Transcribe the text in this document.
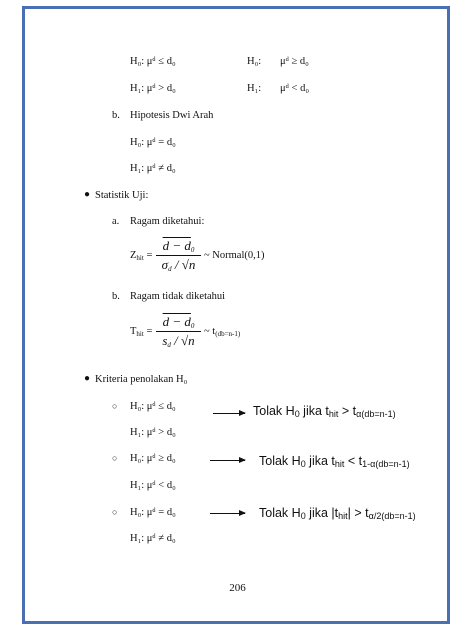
H₀: μᵈ ≤ d₀	H₀: μᵈ ≥ d₀
H₁: μᵈ > d₀	H₁: μᵈ < d₀
b. Hipotesis Dwi Arah
H₀: μᵈ = d₀
H₁: μᵈ ≠ d₀
● Statistik Uji:
a. Ragam diketahui:
$Z_{hit}$ =
$d - d_0$
$\sigma_d / √n$
~ Normal(0,1)
b. Ragam tidak diketahui
$T_{hit}$ =
$d - d_0$
$s_d / √n$
~ $t_{(db=n-1)}$
● Kriteria penolakan H₀
○ H₀: μᵈ ≤ d₀
H₁: μᵈ > d₀
Tolak $H_0$ jika $t_{hit} > t_{\alpha(db=n-1)}$
○ H₀: μᵈ ≥ d₀
H₁: μᵈ < d₀
Tolak $H_0$ jika $t_{hit} < t_{1-\alpha(db=n-1)}$
○ H₀: μᵈ = d₀
H₁: μᵈ ≠ d₀
Tolak $H_0$ jika $|t_{hit}| > t_{\alpha/2(db=n-1)}$
206
